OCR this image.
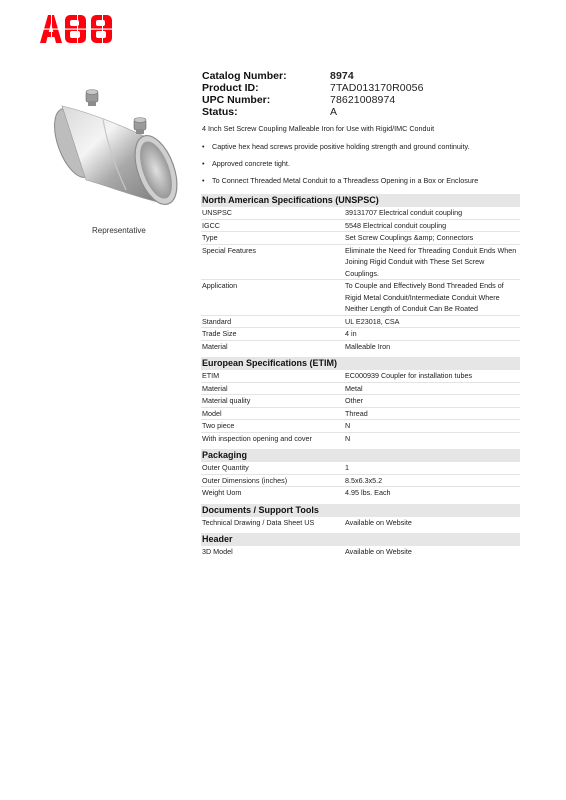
Representative
Catalog Number:	8974
Product ID:	7TAD013170R0056
UPC Number:	78621008974
Status:	A
4 Inch Set Screw Coupling Malleable Iron for Use with Rigid/IMC Conduit
•	Captive hex head screws provide positive holding strength and ground continuity.
•	Approved concrete tight.
•	To Connect Threaded Metal Conduit to a Threadless Opening in a Box or Enclosure
North American Specifications (UNSPSC)
UNSPSC	39131707 Electrical conduit coupling
IGCC	5548 Electrical conduit coupling
Type	Set Screw Couplings &amp; Connectors
Special Features	Eliminate the Need for Threading Conduit Ends When Joining Rigid Conduit with These Set Screw Couplings.
Application	To Couple and Effectively Bond Threaded Ends of Rigid Metal Conduit/Intermediate Conduit Where Neither Length of Conduit Can Be Roated
Standard	UL E23018, CSA
Trade Size	4 in
Material	Malleable Iron
European Specifications (ETIM)
ETIM	EC000939 Coupler for installation tubes
Material	Metal
Material quality	Other
Model	Thread
Two piece	N
With inspection opening and cover	N
Packaging
Outer Quantity	1
Outer Dimensions (inches)	8.5x6.3x5.2
Weight Uom	4.95 lbs. Each
Documents / Support Tools
Technical Drawing / Data Sheet US	Available on Website
Header
3D Model	Available on Website
